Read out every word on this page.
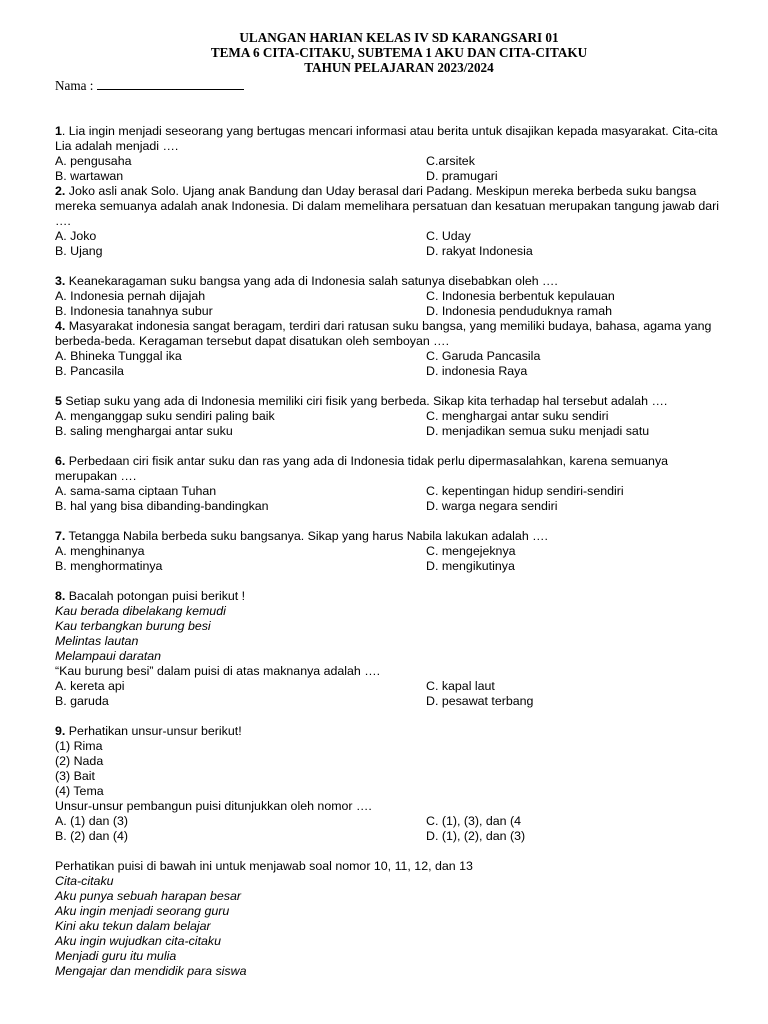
ULANGAN HARIAN KELAS IV SD KARANGSARI 01
TEMA 6 CITA-CITAKU, SUBTEMA 1 AKU DAN CITA-CITAKU
TAHUN PELAJARAN 2023/2024
Nama :
1. Lia ingin menjadi seseorang yang bertugas mencari informasi atau berita untuk disajikan kepada masyarakat. Cita-cita
Lia adalah menjadi ….
A. pengusaha	C.arsitek
B. wartawan	D. pramugari
2. Joko asli anak Solo. Ujang anak Bandung dan Uday berasal dari Padang. Meskipun mereka berbeda suku bangsa
mereka semuanya adalah anak Indonesia. Di dalam memelihara persatuan dan kesatuan merupakan tangung jawab dari
….
A. Joko	C. Uday
B. Ujang	D. rakyat Indonesia
3. Keanekaragaman suku bangsa yang ada di Indonesia salah satunya disebabkan oleh ….
A. Indonesia pernah dijajah	C. Indonesia berbentuk kepulauan
B. Indonesia tanahnya subur	D. Indonesia penduduknya ramah
4. Masyarakat indonesia sangat beragam, terdiri dari ratusan suku bangsa, yang memiliki budaya, bahasa, agama yang
berbeda-beda. Keragaman tersebut dapat disatukan oleh semboyan ….
A. Bhineka Tunggal ika	C. Garuda Pancasila
B. Pancasila	D. indonesia Raya
5 Setiap suku yang ada di Indonesia memiliki ciri fisik yang berbeda. Sikap kita terhadap hal tersebut adalah ….
A. menganggap suku sendiri paling baik	C. menghargai antar suku sendiri
B. saling menghargai antar suku	D. menjadikan semua suku menjadi satu
6. Perbedaan ciri fisik antar suku dan ras yang ada di Indonesia tidak perlu dipermasalahkan, karena semuanya
merupakan ….
A. sama-sama ciptaan Tuhan	C. kepentingan hidup sendiri-sendiri
B. hal yang bisa dibanding-bandingkan	D. warga negara sendiri
7. Tetangga Nabila berbeda suku bangsanya. Sikap yang harus Nabila lakukan adalah ….
A. menghinanya	C. mengejeknya
B. menghormatinya	D. mengikutinya
8. Bacalah potongan puisi berikut !
Kau berada dibelakang kemudi
Kau terbangkan burung besi
Melintas lautan
Melampaui daratan
“Kau burung besi” dalam puisi di atas maknanya adalah ….
A. kereta api	C. kapal laut
B. garuda	D. pesawat terbang
9. Perhatikan unsur-unsur berikut!
(1) Rima
(2) Nada
(3) Bait
(4) Tema
Unsur-unsur pembangun puisi ditunjukkan oleh nomor ….
A. (1) dan (3)	C. (1), (3), dan (4
B. (2) dan (4)	D. (1), (2), dan (3)
Perhatikan puisi di bawah ini untuk menjawab soal nomor 10, 11, 12, dan 13
Cita-citaku
Aku punya sebuah harapan besar
Aku ingin menjadi seorang guru
Kini aku tekun dalam belajar
Aku ingin wujudkan cita-citaku
Menjadi guru itu mulia
Mengajar dan mendidik para siswa
